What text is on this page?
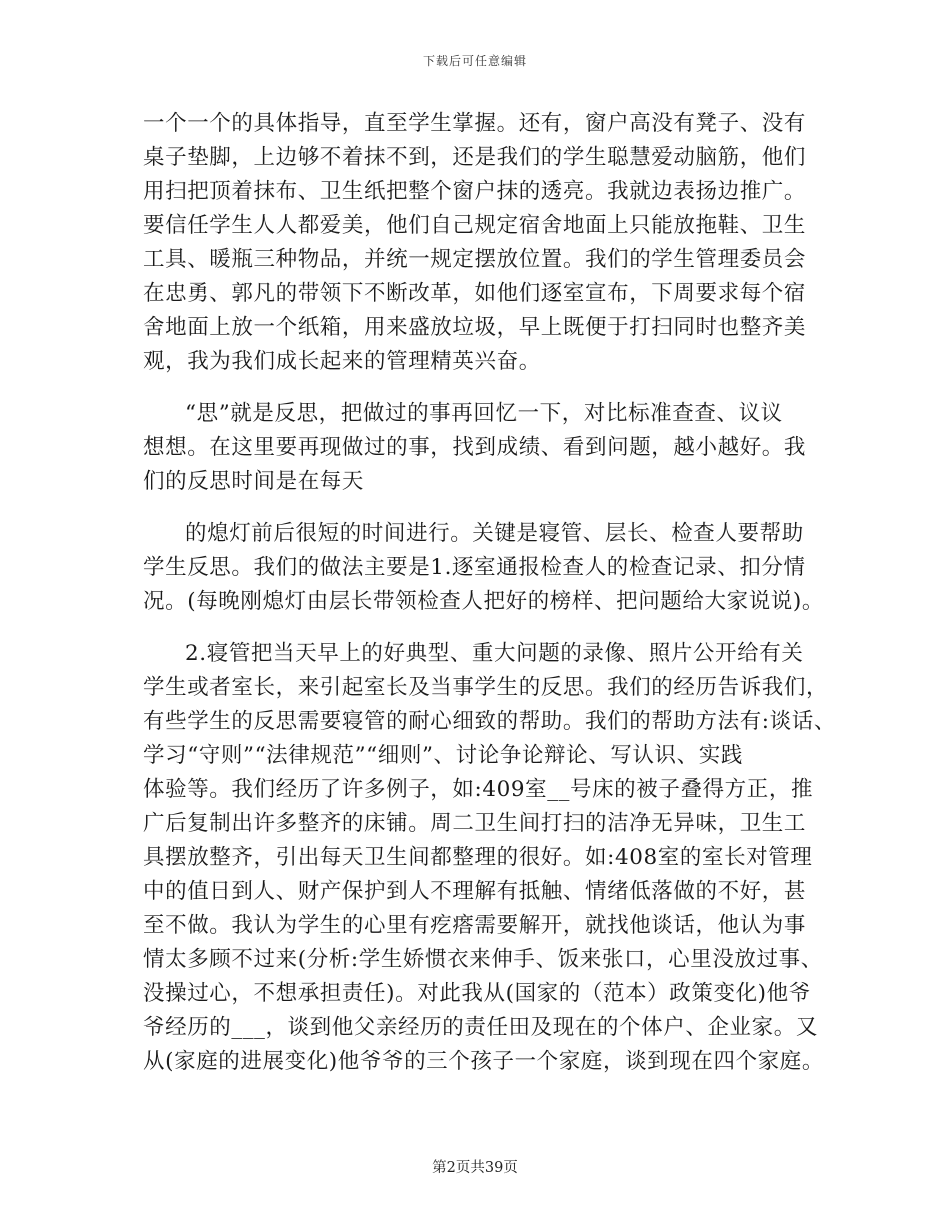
下载后可任意编辑
一个一个的具体指导，直至学生掌握。还有，窗户高没有凳子、没有
桌子垫脚，上边够不着抹不到，还是我们的学生聪慧爱动脑筋，他们
用扫把顶着抹布、卫生纸把整个窗户抹的透亮。我就边表扬边推广。
要信任学生人人都爱美，他们自己规定宿舍地面上只能放拖鞋、卫生
工具、暖瓶三种物品，并统一规定摆放位置。我们的学生管理委员会
在忠勇、郭凡的带领下不断改革，如他们逐室宣布，下周要求每个宿
舍地面上放一个纸箱，用来盛放垃圾，早上既便于打扫同时也整齐美
观，我为我们成长起来的管理精英兴奋。
“思”就是反思，把做过的事再回忆一下，对比标准查查、议议
想想。在这里要再现做过的事，找到成绩、看到问题，越小越好。我
们的反思时间是在每天
的熄灯前后很短的时间进行。关键是寝管、层长、检查人要帮助
学生反思。我们的做法主要是1.逐室通报检查人的检查记录、扣分情
况。(每晚刚熄灯由层长带领检查人把好的榜样、把问题给大家说说)。
2.寝管把当天早上的好典型、重大问题的录像、照片公开给有关
学生或者室长，来引起室长及当事学生的反思。我们的经历告诉我们，
有些学生的反思需要寝管的耐心细致的帮助。我们的帮助方法有:谈话、
学习“守则”“法律规范”“细则”、讨论争论辩论、写认识、实践
体验等。我们经历了许多例子，如:409室__号床的被子叠得方正，推
广后复制出许多整齐的床铺。周二卫生间打扫的洁净无异味，卫生工
具摆放整齐，引出每天卫生间都整理的很好。如:408室的室长对管理
中的值日到人、财产保护到人不理解有抵触、情绪低落做的不好，甚
至不做。我认为学生的心里有疙瘩需要解开，就找他谈话，他认为事
情太多顾不过来(分析:学生娇惯衣来伸手、饭来张口，心里没放过事、
没操过心，不想承担责任)。对此我从(国家的（范本）政策变化)他爷
爷经历的___，谈到他父亲经历的责任田及现在的个体户、企业家。又
从(家庭的进展变化)他爷爷的三个孩子一个家庭，谈到现在四个家庭。
第2页共39页
